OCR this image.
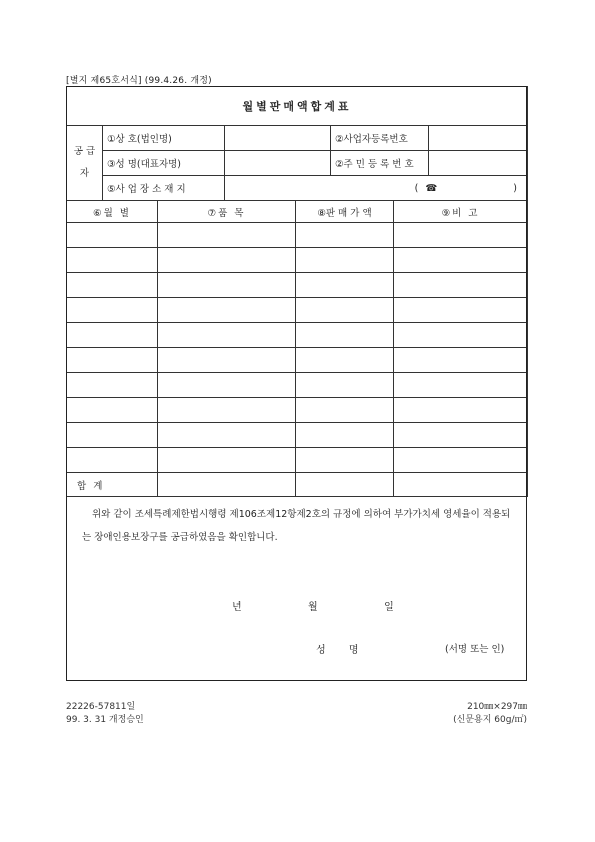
[별지 제65호서식] (99.4.26. 개정)
월별판매액합계표							
공 급 자	①상 호(법인명)				②사업자등록번호		
	③성 명(대표자명)				②주 민 등 록 번 호		
	⑤사 업 장 소 재 지		( ☎ )				

⑥월 별		⑦품 목		⑧판 매 가 액		⑨비 고	

합 계							
위와 같이 조세특례제한법시행령 제106조제12항제2호의 규정에 의하여 부가가치세 영세율이 적용되는 장애인용보장구를 공급하였음을 확인합니다.
년	월	일
성 명	(서명 또는 인)
22226-57811일
99. 3. 31 개정승인
210㎜×297㎜
(신문용지 60g/㎡)
